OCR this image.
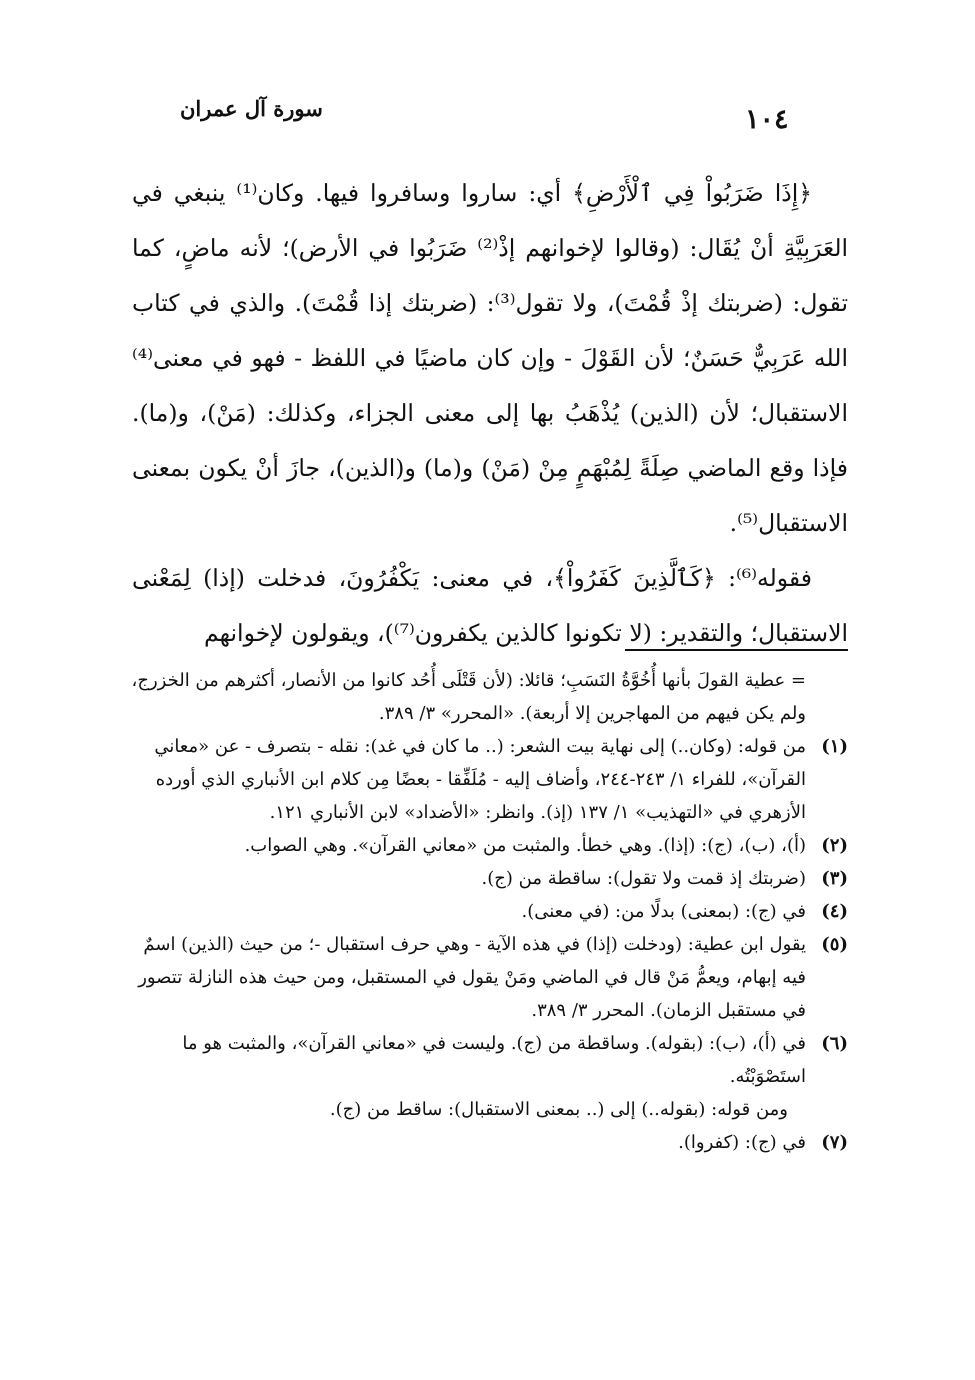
سورة آل عمران	١٠٤

﴿إِذَا ضَرَبُواْ فِي ٱلْأَرْضِ﴾ أي: ساروا وسافروا فيها. وكان⁽¹⁾ ينبغي في العَرَبِيَّةِ أنْ يُقَال: (وقالوا لإخوانهم إذْ⁽²⁾ ضَرَبُوا في الأرض)؛ لأنه ماضٍ، كما تقول: (ضربتك إذْ قُمْتَ)، ولا تقول⁽³⁾: (ضربتك إذا قُمْتَ). والذي في كتاب الله عَرَبِيٌّ حَسَنٌ؛ لأن القَوْلَ - وإن كان ماضيًا في اللفظ - فهو في معنى⁽⁴⁾ الاستقبال؛ لأن (الذين) يُذْهَبُ بها إلى معنى الجزاء، وكذلك: (مَنْ)، و(ما). فإذا وقع الماضي صِلَةً لِمُبْهَمٍ مِنْ (مَنْ) و(ما) و(الذين)، جازَ أنْ يكون بمعنى الاستقبال⁽⁵⁾.

فقوله⁽⁶⁾: ﴿كَٱلَّذِينَ كَفَرُواْ﴾، في معنى: يَكْفُرُونَ، فدخلت (إذا) لِمَعْنى الاستقبال؛ والتقدير: (لا تكونوا كالذين يكفرون⁽⁷⁾)، ويقولون لإخوانهم

= عطية القولَ بأنها أُخُوَّةُ النَسَبِ؛ قائلا: (لأن قَتْلَى أُحُد كانوا من الأنصار، أكثرهم من الخزرج، ولم يكن فيهم من المهاجرين إلا أربعة). «المحرر» ٣/ ٣٨٩.
(١)
من قوله: (وكان..) إلى نهاية بيت الشعر: (.. ما كان في غد): نقله - بتصرف - عن «معاني القرآن»، للفراء ١/ ٢٤٣-٢٤٤، وأضاف إليه - مُلَفِّقا - بعضًا مِن كلام ابن الأنباري الذي أورده الأزهري في «التهذيب» ١/ ١٣٧ (إذ). وانظر: «الأضداد» لابن الأنباري ١٢١.
(٢)
(أ)، (ب)، (ج): (إذا). وهي خطأ. والمثبت من «معاني القرآن». وهي الصواب.
(٣)
(ضربتك إذ قمت ولا تقول): ساقطة من (ج).
(٤)
في (ج): (بمعنى) بدلًا من: (في معنى).
(٥)
يقول ابن عطية: (ودخلت (إذا) في هذه الآية - وهي حرف استقبال -؛ من حيث (الذين) اسمٌ فيه إبهام، ويعمُّ مَنْ قال في الماضي ومَنْ يقول في المستقبل، ومن حيث هذه النازلة تتصور في مستقبل الزمان). المحرر ٣/ ٣٨٩.
(٦)
في (أ)، (ب): (بقوله). وساقطة من (ج). وليست في «معاني القرآن»، والمثبت هو ما استَصْوَبْتُه.
ومن قوله: (بقوله..) إلى (.. بمعنى الاستقبال): ساقط من (ج).
(٧)
في (ج): (كفروا).
